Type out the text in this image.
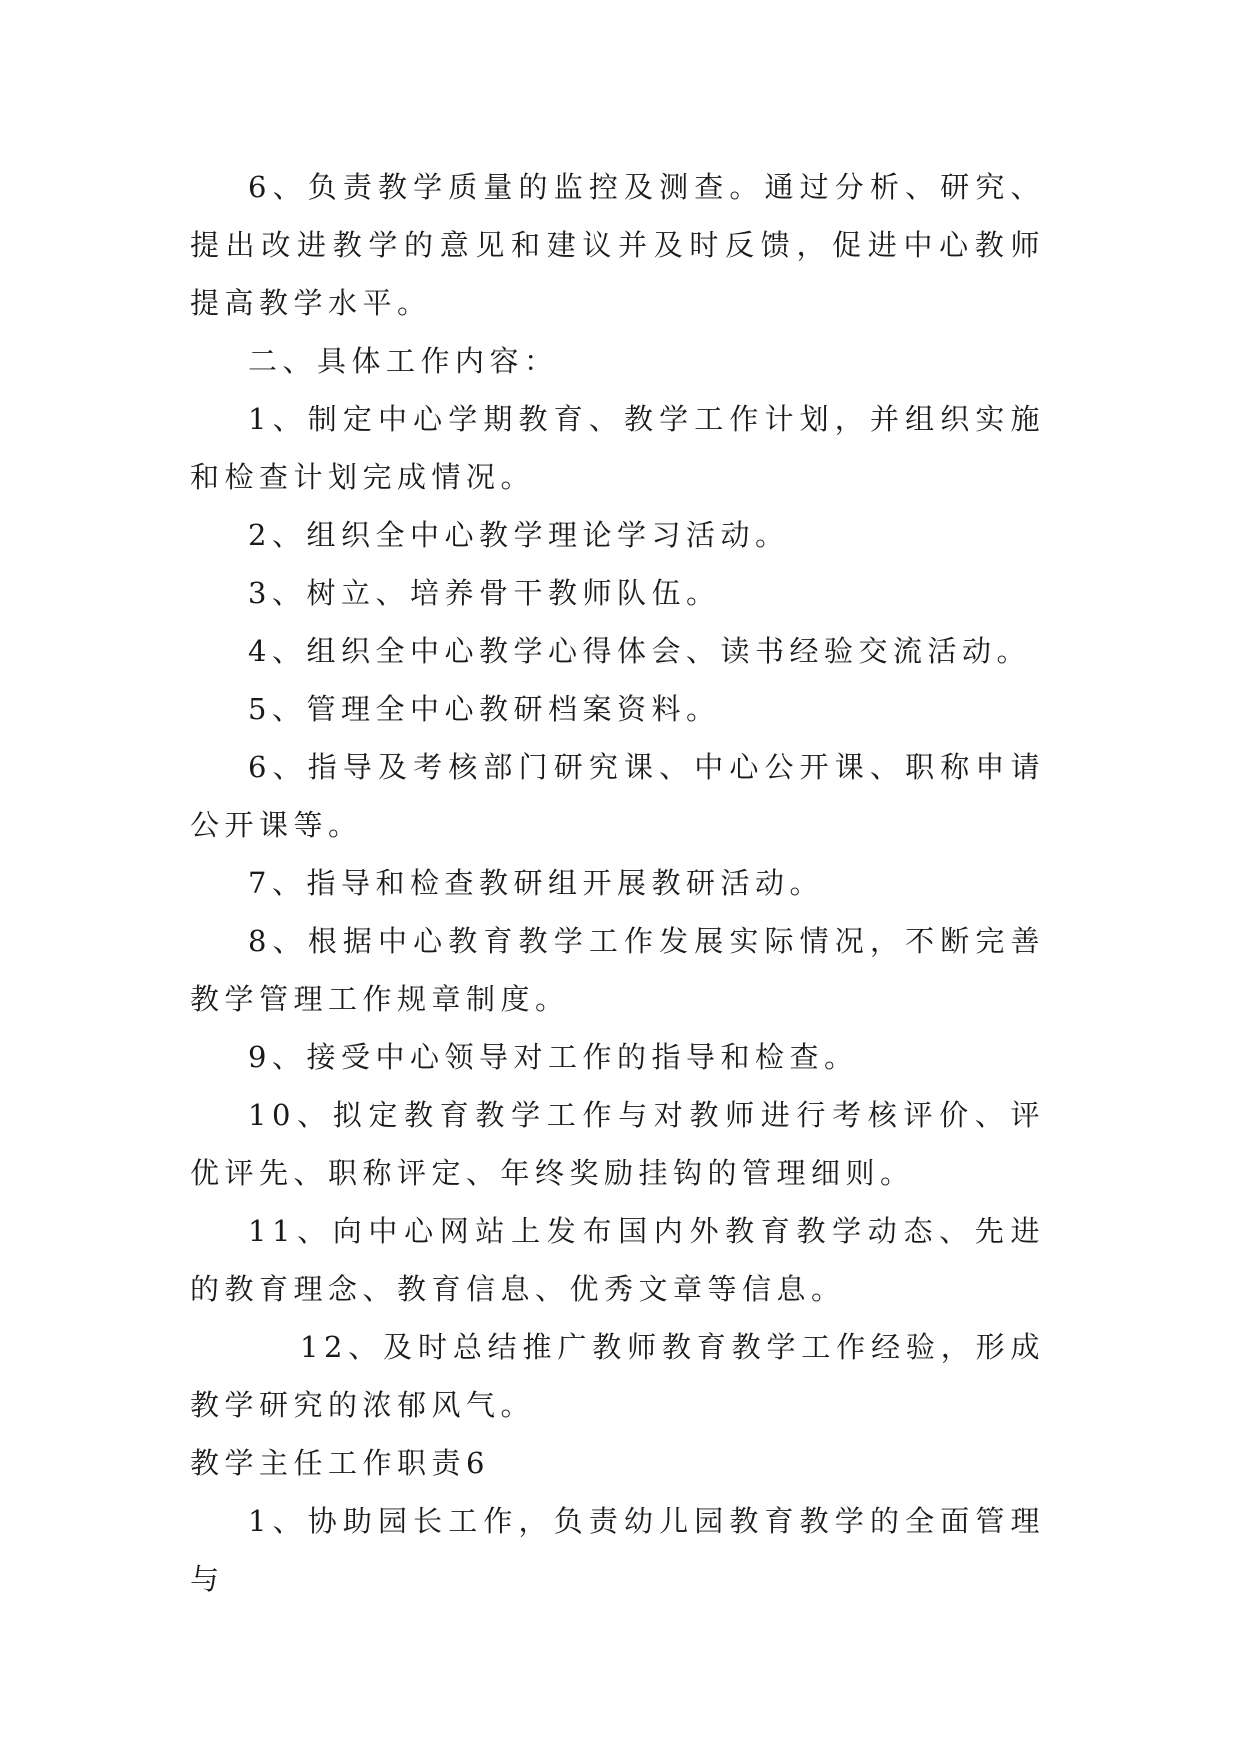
6、负责教学质量的监控及测查。通过分析、研究、提出改进教学的意见和建议并及时反馈，促进中心教师提高教学水平。

二、具体工作内容：

1、制定中心学期教育、教学工作计划，并组织实施和检查计划完成情况。

2、组织全中心教学理论学习活动。

3、树立、培养骨干教师队伍。

4、组织全中心教学心得体会、读书经验交流活动。

5、管理全中心教研档案资料。

6、指导及考核部门研究课、中心公开课、职称申请公开课等。

7、指导和检查教研组开展教研活动。

8、根据中心教育教学工作发展实际情况，不断完善教学管理工作规章制度。

9、接受中心领导对工作的指导和检查。

10、拟定教育教学工作与对教师进行考核评价、评优评先、职称评定、年终奖励挂钩的管理细则。

11、向中心网站上发布国内外教育教学动态、先进的教育理念、教育信息、优秀文章等信息。

12、及时总结推广教师教育教学工作经验，形成教学研究的浓郁风气。

教学主任工作职责6

1、协助园长工作，负责幼儿园教育教学的全面管理与
